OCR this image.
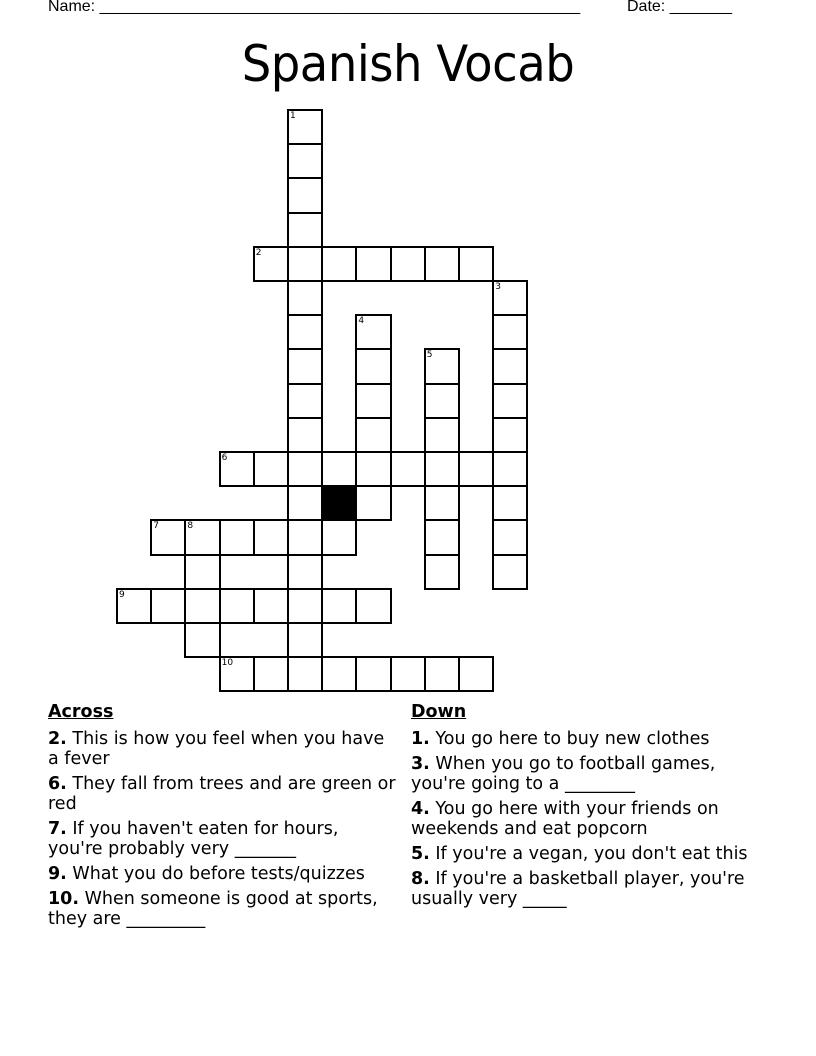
Name: ______________________________________________________	Date: _______
Spanish Vocab
1
2
3
4
5
6
7	8
9
10
Across
2. This is how you feel when you have a fever
6. They fall from trees and are green or red
7. If you haven't eaten for hours, you're probably very _______
9. What you do before tests/quizzes
10. When someone is good at sports, they are _________
Down
1. You go here to buy new clothes
3. When you go to football games, you're going to a ________
4. You go here with your friends on weekends and eat popcorn
5. If you're a vegan, you don't eat this
8. If you're a basketball player, you're usually very _____
